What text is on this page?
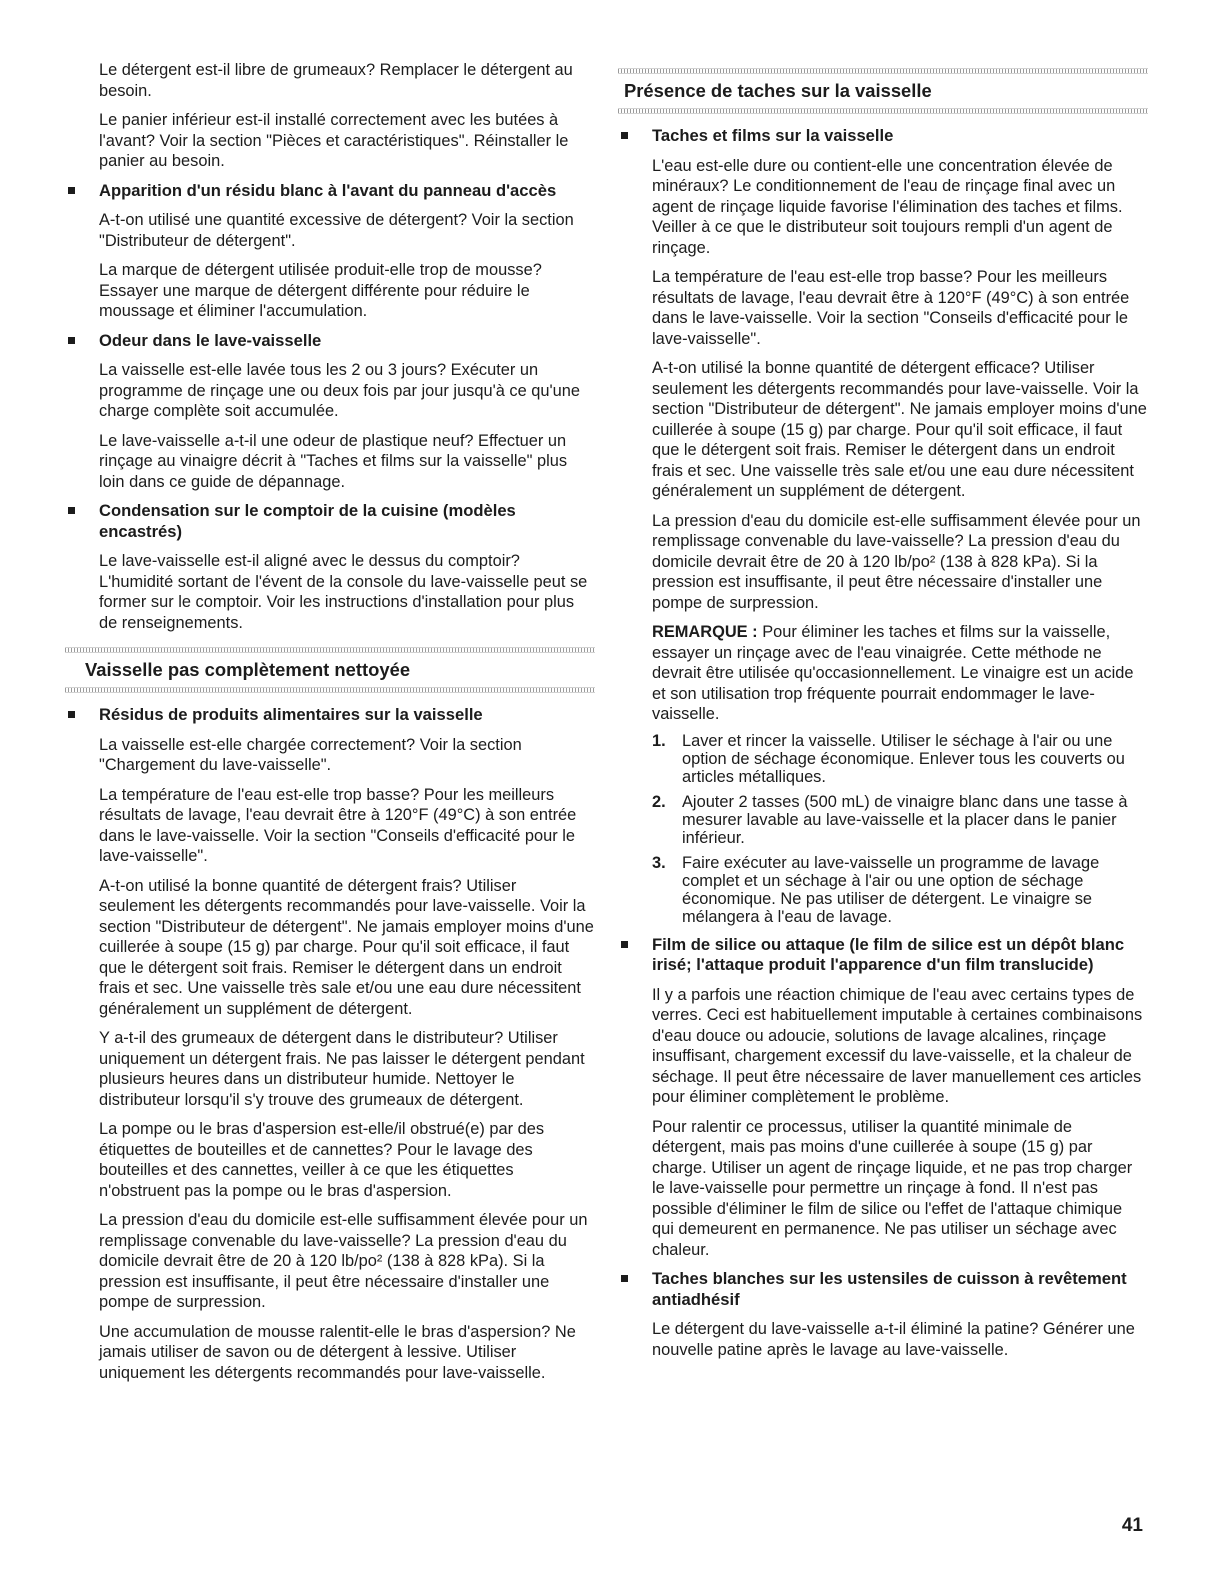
Le détergent est-il libre de grumeaux? Remplacer le détergent au besoin.

Le panier inférieur est-il installé correctement avec les butées à l'avant? Voir la section "Pièces et caractéristiques". Réinstaller le panier au besoin.

Apparition d'un résidu blanc à l'avant du panneau d'accès

A-t-on utilisé une quantité excessive de détergent? Voir la section "Distributeur de détergent".

La marque de détergent utilisée produit-elle trop de mousse? Essayer une marque de détergent différente pour réduire le moussage et éliminer l'accumulation.

Odeur dans le lave-vaisselle

La vaisselle est-elle lavée tous les 2 ou 3 jours? Exécuter un programme de rinçage une ou deux fois par jour jusqu'à ce qu'une charge complète soit accumulée.

Le lave-vaisselle a-t-il une odeur de plastique neuf? Effectuer un rinçage au vinaigre décrit à "Taches et films sur la vaisselle" plus loin dans ce guide de dépannage.

Condensation sur le comptoir de la cuisine (modèles encastrés)

Le lave-vaisselle est-il aligné avec le dessus du comptoir? L'humidité sortant de l'évent de la console du lave-vaisselle peut se former sur le comptoir. Voir les instructions d'installation pour plus de renseignements.

Vaisselle pas complètement nettoyée
Résidus de produits alimentaires sur la vaisselle

La vaisselle est-elle chargée correctement? Voir la section "Chargement du lave-vaisselle".

La température de l'eau est-elle trop basse? Pour les meilleurs résultats de lavage, l'eau devrait être à 120°F (49°C) à son entrée dans le lave-vaisselle. Voir la section "Conseils d'efficacité pour le lave-vaisselle".

A-t-on utilisé la bonne quantité de détergent frais? Utiliser seulement les détergents recommandés pour lave-vaisselle. Voir la section "Distributeur de détergent". Ne jamais employer moins d'une cuillerée à soupe (15 g) par charge. Pour qu'il soit efficace, il faut que le détergent soit frais. Remiser le détergent dans un endroit frais et sec. Une vaisselle très sale et/ou une eau dure nécessitent généralement un supplément de détergent.

Y a-t-il des grumeaux de détergent dans le distributeur? Utiliser uniquement un détergent frais. Ne pas laisser le détergent pendant plusieurs heures dans un distributeur humide. Nettoyer le distributeur lorsqu'il s'y trouve des grumeaux de détergent.

La pompe ou le bras d'aspersion est-elle/il obstrué(e) par des étiquettes de bouteilles et de cannettes? Pour le lavage des bouteilles et des cannettes, veiller à ce que les étiquettes n'obstruent pas la pompe ou le bras d'aspersion.

La pression d'eau du domicile est-elle suffisamment élevée pour un remplissage convenable du lave-vaisselle? La pression d'eau du domicile devrait être de 20 à 120 lb/po² (138 à 828 kPa). Si la pression est insuffisante, il peut être nécessaire d'installer une pompe de surpression.

Une accumulation de mousse ralentit-elle le bras d'aspersion? Ne jamais utiliser de savon ou de détergent à lessive. Utiliser uniquement les détergents recommandés pour lave-vaisselle.

Présence de taches sur la vaisselle
Taches et films sur la vaisselle

L'eau est-elle dure ou contient-elle une concentration élevée de minéraux? Le conditionnement de l'eau de rinçage final avec un agent de rinçage liquide favorise l'élimination des taches et films. Veiller à ce que le distributeur soit toujours rempli d'un agent de rinçage.

La température de l'eau est-elle trop basse? Pour les meilleurs résultats de lavage, l'eau devrait être à 120°F (49°C) à son entrée dans le lave-vaisselle. Voir la section "Conseils d'efficacité pour le lave-vaisselle".

A-t-on utilisé la bonne quantité de détergent efficace? Utiliser seulement les détergents recommandés pour lave-vaisselle. Voir la section "Distributeur de détergent". Ne jamais employer moins d'une cuillerée à soupe (15 g) par charge. Pour qu'il soit efficace, il faut que le détergent soit frais. Remiser le détergent dans un endroit frais et sec. Une vaisselle très sale et/ou une eau dure nécessitent généralement un supplément de détergent.

La pression d'eau du domicile est-elle suffisamment élevée pour un remplissage convenable du lave-vaisselle? La pression d'eau du domicile devrait être de 20 à 120 lb/po² (138 à 828 kPa). Si la pression est insuffisante, il peut être nécessaire d'installer une pompe de surpression.

REMARQUE : Pour éliminer les taches et films sur la vaisselle, essayer un rinçage avec de l'eau vinaigrée. Cette méthode ne devrait être utilisée qu'occasionnellement. Le vinaigre est un acide et son utilisation trop fréquente pourrait endommager le lave-vaisselle.

1. Laver et rincer la vaisselle. Utiliser le séchage à l'air ou une option de séchage économique. Enlever tous les couverts ou articles métalliques.
2. Ajouter 2 tasses (500 mL) de vinaigre blanc dans une tasse à mesurer lavable au lave-vaisselle et la placer dans le panier inférieur.
3. Faire exécuter au lave-vaisselle un programme de lavage complet et un séchage à l'air ou une option de séchage économique. Ne pas utiliser de détergent. Le vinaigre se mélangera à l'eau de lavage.
Film de silice ou attaque (le film de silice est un dépôt blanc irisé; l'attaque produit l'apparence d'un film translucide)

Il y a parfois une réaction chimique de l'eau avec certains types de verres. Ceci est habituellement imputable à certaines combinaisons d'eau douce ou adoucie, solutions de lavage alcalines, rinçage insuffisant, chargement excessif du lave-vaisselle, et la chaleur de séchage. Il peut être nécessaire de laver manuellement ces articles pour éliminer complètement le problème.

Pour ralentir ce processus, utiliser la quantité minimale de détergent, mais pas moins d'une cuillerée à soupe (15 g) par charge. Utiliser un agent de rinçage liquide, et ne pas trop charger le lave-vaisselle pour permettre un rinçage à fond. Il n'est pas possible d'éliminer le film de silice ou l'effet de l'attaque chimique qui demeurent en permanence. Ne pas utiliser un séchage avec chaleur.

Taches blanches sur les ustensiles de cuisson à revêtement antiadhésif

Le détergent du lave-vaisselle a-t-il éliminé la patine? Générer une nouvelle patine après le lavage au lave-vaisselle.

41
